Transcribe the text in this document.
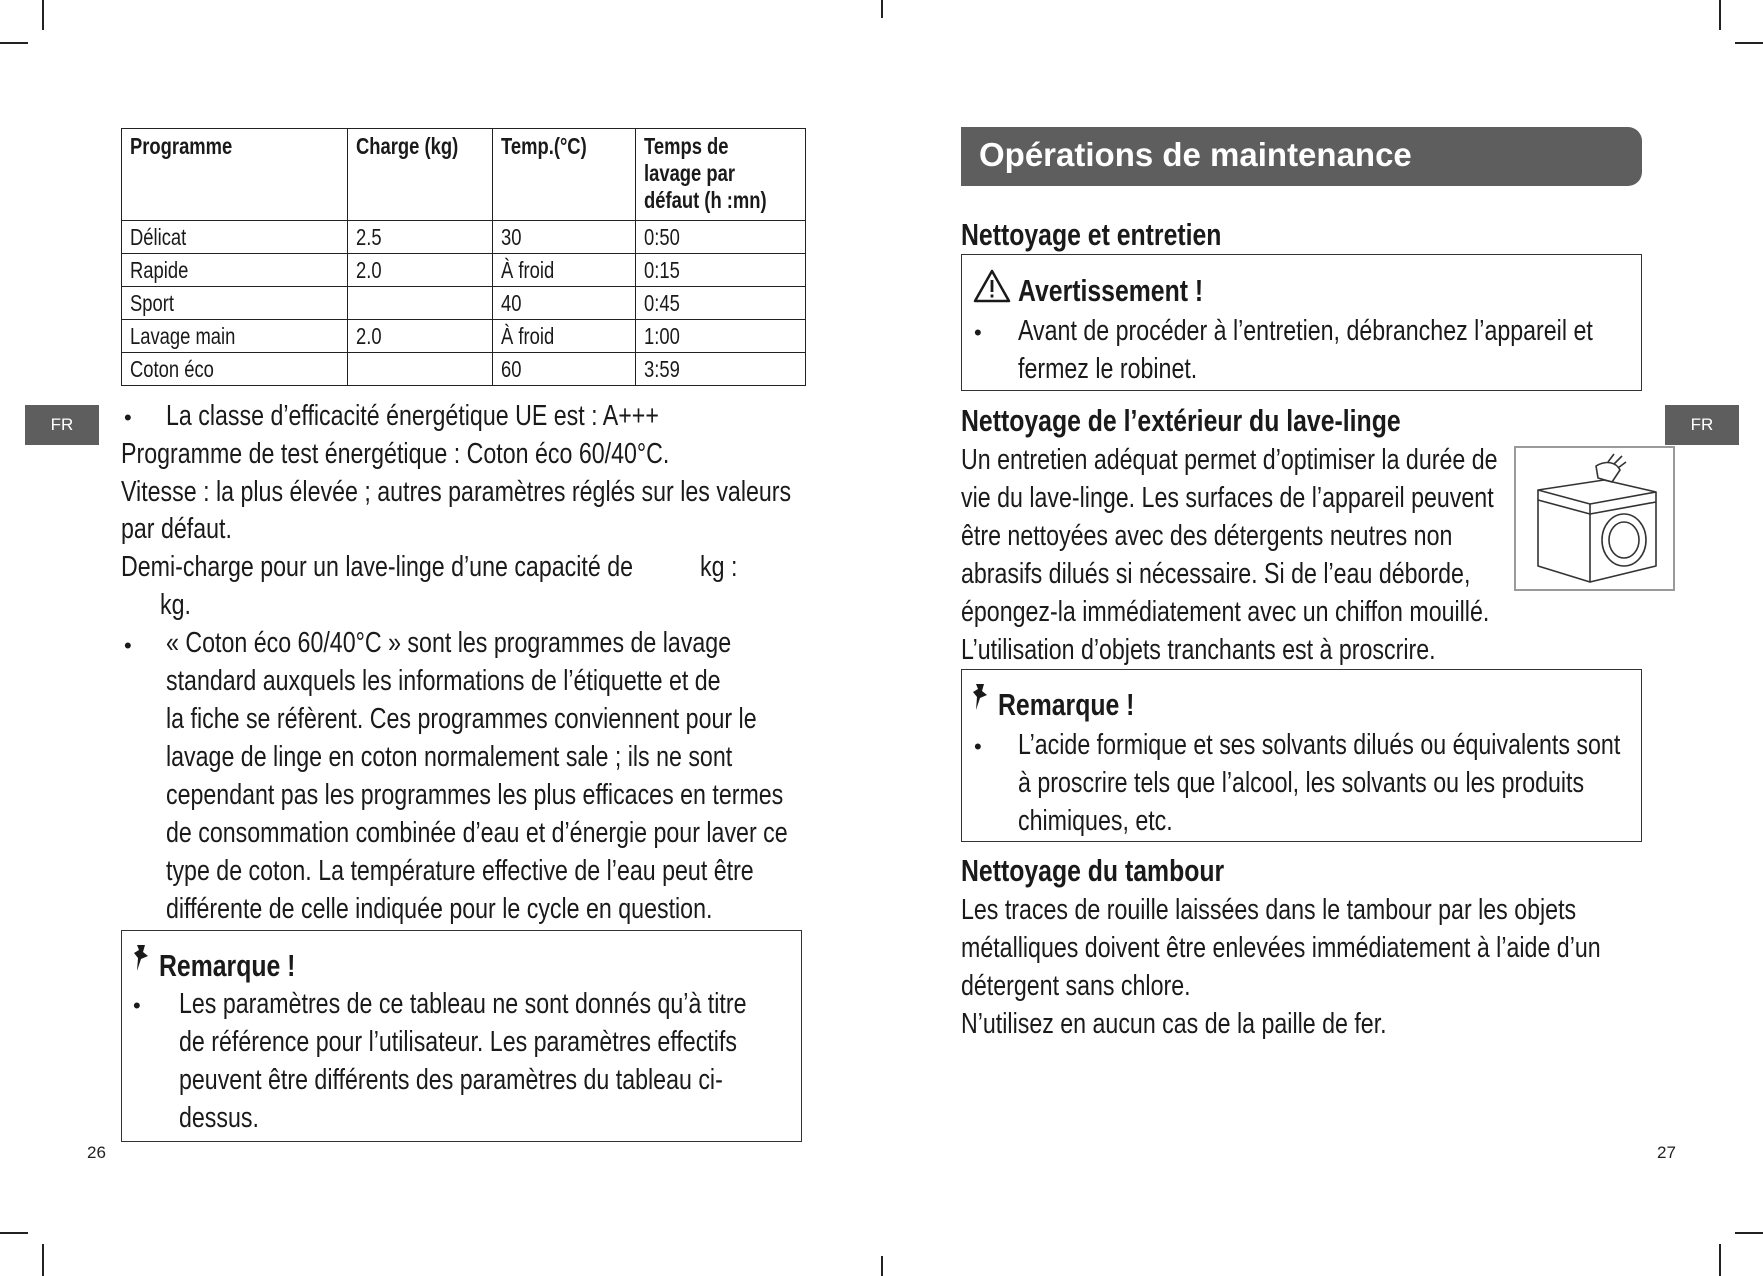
FR
Programme	Charge (kg)	Temp.(°C)	Temps de
lavage par
défaut (h :mn)

Délicat	2.5	30	0:50

Rapide	2.0	À froid	0:15

Sport		40	0:45

Lavage main	2.0	À froid	1:00

Coton éco		60	3:59
• La classe d’efficacité énergétique UE est : A+++
Programme de test énergétique : Coton éco 60/40°C.
Vitesse : la plus élevée ; autres paramètres réglés sur les valeurs
par défaut.
Demi-charge pour un lave-linge d’une capacité de kg :
kg.
• « Coton éco 60/40°C » sont les programmes de lavage
standard auxquels les informations de l’étiquette et de
la fiche se réfèrent. Ces programmes conviennent pour le
lavage de linge en coton normalement sale ; ils ne sont
cependant pas les programmes les plus efficaces en termes
de consommation combinée d’eau et d’énergie pour laver ce
type de coton. La température effective de l’eau peut être
différente de celle indiquée pour le cycle en question.
Remarque !
• Les paramètres de ce tableau ne sont donnés qu’à titre
de référence pour l’utilisateur. Les paramètres effectifs
peuvent être différents des paramètres du tableau ci-
dessus.
26
FR
Opérations de maintenance
Nettoyage et entretien
Avertissement !
• Avant de procéder à l’entretien, débranchez l’appareil et
fermez le robinet.
Nettoyage de l’extérieur du lave-linge
Un entretien adéquat permet d’optimiser la durée de
vie du lave-linge. Les surfaces de l’appareil peuvent
être nettoyées avec des détergents neutres non
abrasifs dilués si nécessaire. Si de l’eau déborde,
épongez-la immédiatement avec un chiffon mouillé.
L’utilisation d’objets tranchants est à proscrire.
Remarque !
• L’acide formique et ses solvants dilués ou équivalents sont
à proscrire tels que l’alcool, les solvants ou les produits
chimiques, etc.
Nettoyage du tambour
Les traces de rouille laissées dans le tambour par les objets
métalliques doivent être enlevées immédiatement à l’aide d’un
détergent sans chlore.
N’utilisez en aucun cas de la paille de fer.
27
